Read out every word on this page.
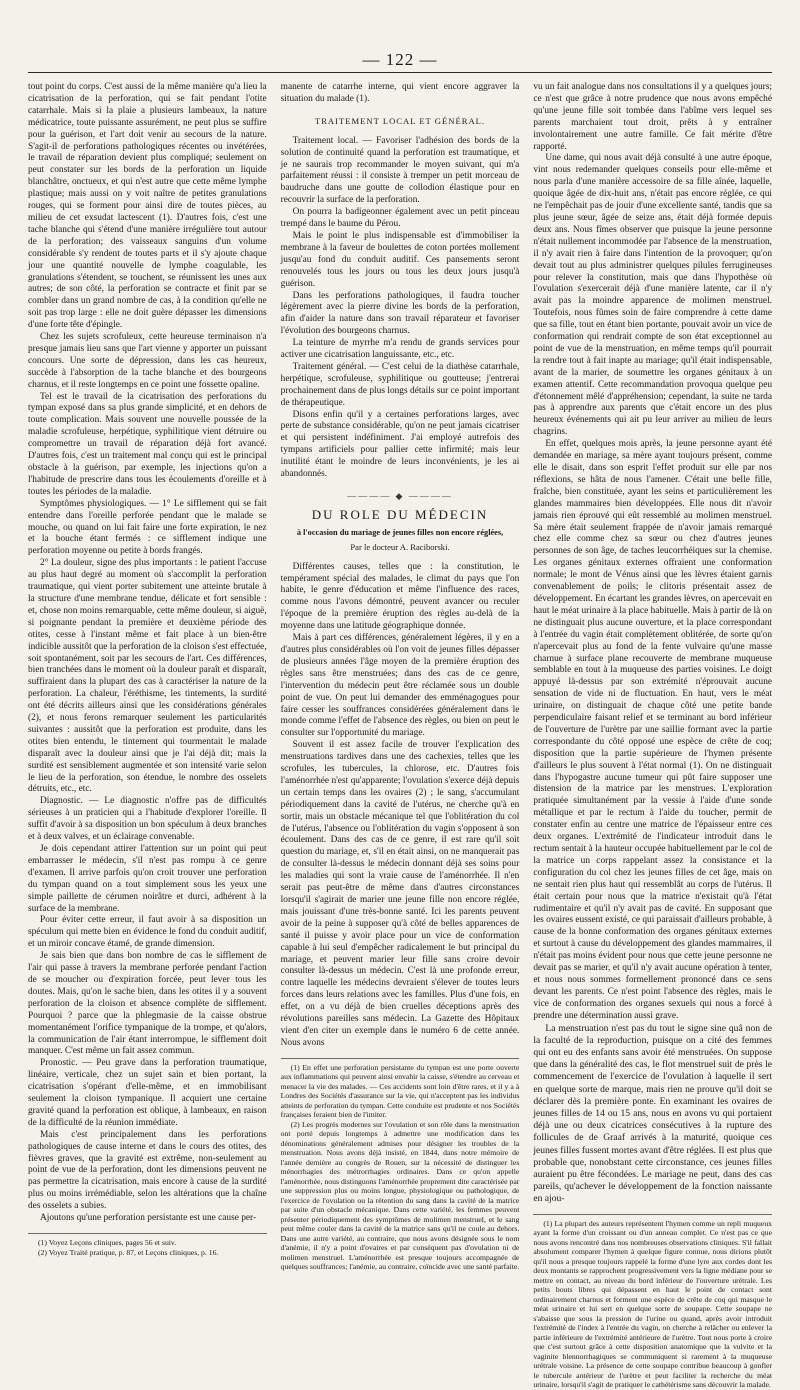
— 122 —

tout point du corps. C'est aussi de la même manière qu'a lieu la cicatrisation de la perforation, qui se fait pendant l'otite catarrhale. Mais si la plaie a plusieurs lambeaux, la nature médicatrice, toute puissante assurément, ne peut plus se suffire pour la guérison, et l'art doit venir au secours de la nature. S'agit-il de perforations pathologiques récentes ou invétérées, le travail de réparation devient plus compliqué; seulement on peut constater sur les bords de la perforation un liquide blanchâtre, onctueux, et qui n'est autre que cette même lymphe plastique; mais aussi on y voit naître de petites granulations rouges, qui se forment pour ainsi dire de toutes pièces, au milieu de cet exsudat lactescent (1). D'autres fois, c'est une tache blanche qui s'étend d'une manière irrégulière tout autour de la perforation; des vaisseaux sanguins d'un volume considérable s'y rendent de toutes parts et il s'y ajoute chaque jour une quantité nouvelle de lymphe coagulable, les granulations s'étendent, se touchent, se réunissent les unes aux autres; de son côté, la perforation se contracte et finit par se combler dans un grand nombre de cas, à la condition qu'elle ne soit pas trop large : elle ne doit guère dépasser les dimensions d'une forte tête d'épingle.

Chez les sujets scrofuleux, cette heureuse terminaison n'a presque jamais lieu sans que l'art vienne y apporter un puissant concours. Une sorte de dépression, dans les cas heureux, succède à l'absorption de la tache blanche et des bourgeons charnus, et il reste longtemps en ce point une fossette opaline.

Tel est le travail de la cicatrisation des perforations du tympan exposé dans sa plus grande simplicité, et en dehors de toute complication. Mais souvent une nouvelle poussée de la maladie scrofuleuse, herpétique, syphilitique vient détruire ou compromettre un travail de réparation déjà fort avancé. D'autres fois, c'est un traitement mal conçu qui est le principal obstacle à la guérison, par exemple, les injections qu'on a l'habitude de prescrire dans tous les écoulements d'oreille et à toutes les périodes de la maladie.

Symptômes physiologiques. — 1° Le sifflement qui se fait entendre dans l'oreille perforée pendant que le malade se mouche, ou quand on lui fait faire une forte expiration, le nez et la bouche étant fermés : ce sifflement indique une perforation moyenne ou petite à bords frangés.

2° La douleur, signe des plus importants : le patient l'accuse au plus haut degré au moment où s'accomplit la perforation traumatique, qui vient porter subitement une atteinte brutale à la structure d'une membrane tendue, délicate et fort sensible : et, chose non moins remarquable, cette même douleur, si aiguë, si poignante pendant la première et deuxième période des otites, cesse à l'instant même et fait place à un bien-être indicible aussitôt que la perforation de la cloison s'est effectuée, soit spontanément, soit par les secours de l'art. Ces différences, bien tranchées dans le moment où la douleur paraît et disparaît, suffiraient dans la plupart des cas à caractériser la nature de la perforation. La chaleur, l'éréthisme, les tintements, la surdité ont été décrits ailleurs ainsi que les considérations générales (2), et nous ferons remarquer seulement les particularités suivantes : aussitôt que la perforation est produite, dans les otites bien entendu, le tintement qui tourmentait le malade disparaît avec la douleur ainsi que je l'ai déjà dit; mais la surdité est sensiblement augmentée et son intensité varie selon le lieu de la perforation, son étendue, le nombre des osselets détruits, etc., etc.

Diagnostic. — Le diagnostic n'offre pas de difficultés sérieuses à un praticien qui a l'habitude d'explorer l'oreille. Il suffit d'avoir à sa disposition un bon spéculum à deux branches et à deux valves, et un éclairage convenable.

Je dois cependant attirer l'attention sur un point qui peut embarrasser le médecin, s'il n'est pas rompu à ce genre d'examen. Il arrive parfois qu'on croit trouver une perforation du tympan quand on a tout simplement sous les yeux une simple paillette de cérumen noirâtre et durci, adhérent à la surface de la membrane.

Pour éviter cette erreur, il faut avoir à sa disposition un spéculum qui mette bien en évidence le fond du conduit auditif, et un miroir concave étamé, de grande dimension.

Je sais bien que dans bon nombre de cas le sifflement de l'air qui passe à travers la membrane perforée pendant l'action de se moucher ou d'expiration forcée, peut lever tous les doutes. Mais, qu'on le sache bien, dans les otites il y a souvent perforation de la cloison et absence complète de sifflement. Pourquoi ? parce que la phlegmasie de la caisse obstrue momentanément l'orifice tympanique de la trompe, et qu'alors, la communication de l'air étant interrompue, le sifflement doit manquer. C'est même un fait assez commun.

Pronostic. — Peu grave dans la perforation traumatique, linéaire, verticale, chez un sujet sain et bien portant, la cicatrisation s'opérant d'elle-même, et en immobilisant seulement la cloison tympanique. Il acquiert une certaine gravité quand la perforation est oblique, à lambeaux, en raison de la difficulté de la réunion immédiate.

Mais c'est principalement dans les perforations pathologiques de cause interne et dans le cours des otites, des fièvres graves, que la gravité est extrême, non-seulement au point de vue de la perforation, dont les dimensions peuvent ne pas permettre la cicatrisation, mais encore à cause de la surdité plus ou moins irrémédiable, selon les altérations que la chaîne des osselets a subies.

Ajoutons qu'une perforation persistante est une cause per-

(1) Voyez Leçons cliniques, pages 56 et suiv.

(2) Voyez Traité pratique, p. 87, et Leçons cliniques, p. 16.

manente de catarrhe interne, qui vient encore aggraver la situation du malade (1).

TRAITEMENT LOCAL ET GÉNÉRAL.

Traitement local. — Favoriser l'adhésion des bords de la solution de continuité quand la perforation est traumatique, et je ne saurais trop recommander le moyen suivant, qui m'a parfaitement réussi : il consiste à tremper un petit morceau de baudruche dans une goutte de collodion élastique pour en recouvrir la surface de la perforation.

On pourra la badigeonner également avec un petit pinceau trempé dans le baume du Pérou.

Mais le point le plus indispensable est d'immobiliser la membrane à la faveur de boulettes de coton portées mollement jusqu'au fond du conduit auditif. Ces pansements seront renouvelés tous les jours ou tous les deux jours jusqu'à guérison.

Dans les perforations pathologiques, il faudra toucher légèrement avec la pierre divine les bords de la perforation, afin d'aider la nature dans son travail réparateur et favoriser l'évolution des bourgeons charnus.

La teinture de myrrhe m'a rendu de grands services pour activer une cicatrisation languissante, etc., etc.

Traitement général. — C'est celui de la diathèse catarrhale, herpétique, scrofuleuse, syphilitique ou goutteuse; j'entrerai prochainement dans de plus longs détails sur ce point important de thérapeutique.

Disons enfin qu'il y a certaines perforations larges, avec perte de substance considérable, qu'on ne peut jamais cicatriser et qui persistent indéfiniment. J'ai employé autrefois des tympans artificiels pour pallier cette infirmité; mais leur inutilité étant le moindre de leurs inconvénients, je les ai abandonnés.

———— ◆ ————
DU ROLE DU MÉDECIN
à l'occasion du mariage de jeunes filles non encore réglées,
Par le docteur A. Raciborski.

Différentes causes, telles que : la constitution, le tempérament spécial des malades, le climat du pays que l'on habite, le genre d'éducation et même l'influence des races, comme nous l'avons démontré, peuvent avancer ou reculer l'époque de la première éruption des règles au-delà de la moyenne dans une latitude géographique donnée.

Mais à part ces différences, généralement légères, il y en a d'autres plus considérables où l'on voit de jeunes filles dépasser de plusieurs années l'âge moyen de la première éruption des règles sans être menstruées; dans des cas de ce genre, l'intervention du médecin peut être réclamée sous un double point de vue. On peut lui demander des emménagogues pour faire cesser les souffrances considérées généralement dans le monde comme l'effet de l'absence des règles, ou bien on peut le consulter sur l'opportunité du mariage.

Souvent il est assez facile de trouver l'explication des menstruations tardives dans une des cachexies, telles que les scrofules, les tubercules, la chlorose, etc. D'autres fois l'aménorrhée n'est qu'apparente; l'ovulation s'exerce déjà depuis un certain temps dans les ovaires (2) ; le sang, s'accumulant périodiquement dans la cavité de l'utérus, ne cherche qu'à en sortir, mais un obstacle mécanique tel que l'oblitération du col de l'utérus, l'absence ou l'oblitération du vagin s'opposent à son écoulement. Dans des cas de ce genre, il est rare qu'il soit question du mariage, et, s'il en était ainsi, on ne manquerait pas de consulter là-dessus le médecin donnant déjà ses soins pour les maladies qui sont la vraie cause de l'aménorrhée. Il n'en serait pas peut-être de même dans d'autres circonstances lorsqu'il s'agirait de marier une jeune fille non encore réglée, mais jouissant d'une très-bonne santé. Ici les parents peuvent avoir de la peine à supposer qu'à côté de belles apparences de santé il puisse y avoir place pour un vice de conformation capable à lui seul d'empêcher radicalement le but principal du mariage, et peuvent marier leur fille sans croire devoir consulter là-dessus un médecin. C'est là une profonde erreur, contre laquelle les médecins devraient s'élever de toutes leurs forces dans leurs relations avec les familles. Plus d'une fois, en effet, on a vu déjà de bien cruelles déceptions après des révolutions pareilles sans médecin. La Gazette des Hôpitaux vient d'en citer un exemple dans le numéro 6 de cette année. Nous avons

(1) En effet une perforation persistante du tympan est une porte ouverte aux inflammations qui peuvent ainsi envahir la caisse, s'étendre au cerveau et menacer la vie des malades. — Ces accidents sont loin d'être rares, et il y a à Londres des Sociétés d'assurance sur la vie, qui n'acceptent pas les individus atteints de perforation du tympan. Cette conduite est prudente et nos Sociétés françaises feraient bien de l'imiter.

(2) Les progrès modernes sur l'ovulation et son rôle dans la menstruation ont porté depuis longtemps à admettre une modification dans les dénominations généralement admises pour désigner les troubles de la menstruation. Nous avons déjà insisté, en 1844, dans notre mémoire de l'année dernière au congrès de Rouen, sur la nécessité de distinguer les ménorrhagies des métrorrhagies ordinaires. Dans ce qu'on appelle l'aménorrhée, nous distinguons l'aménorrhée proprement dite caractérisée par une suppression plus ou moins longue, physiologique ou pathologique, de l'exercice de l'ovulation ou la rétention du sang dans la cavité de la matrice par suite d'un obstacle mécanique. Dans cette variété, les femmes peuvent présenter périodiquement des symptômes de molimen menstruel, et le sang peut même couler dans la cavité de la matrice sans qu'il ne coule au dehors. Dans une autre variété, au contraire, que nous avons désignée sous le nom d'anémie, il n'y a point d'ovaires et par conséquent pas d'ovulation ni de molimen menstruel. L'aménorrhée est presque toujours accompagnée de quelques souffrances; l'anémie, au contraire, coïncide avec une santé parfaite.

vu un fait analogue dans nos consultations il y a quelques jours; ce n'est que grâce à notre prudence que nous avons empêché qu'une jeune fille soit tombée dans l'abîme vers lequel ses parents marchaient tout droit, prêts à y entraîner involontairement une autre famille. Ce fait mérite d'être rapporté.

Une dame, qui nous avait déjà consulté à une autre époque, vint nous redemander quelques conseils pour elle-même et nous parla d'une manière accessoire de sa fille aînée, laquelle, quoique âgée de dix-huit ans, n'était pas encore réglée, ce qui ne l'empêchait pas de jouir d'une excellente santé, tandis que sa plus jeune sœur, âgée de seize ans, était déjà formée depuis deux ans. Nous fîmes observer que puisque la jeune personne n'était nullement incommodée par l'absence de la menstruation, il n'y avait rien à faire dans l'intention de la provoquer; qu'on devait tout au plus administrer quelques pilules ferrugineuses pour relever la constitution, mais que dans l'hypothèse où l'ovulation s'exercerait déjà d'une manière latente, car il n'y avait pas la moindre apparence de molimen menstruel. Toutefois, nous fûmes soin de faire comprendre à cette dame que sa fille, tout en étant bien portante, pouvait avoir un vice de conformation qui rendrait compte de son état exceptionnel au point de vue de la menstruation, en même temps qu'il pourrait la rendre tout à fait inapte au mariage; qu'il était indispensable, avant de la marier, de soumettre les organes génitaux à un examen attentif. Cette recommandation provoqua quelque peu d'étonnement mêlé d'appréhension; cependant, la suite ne tarda pas à apprendre aux parents que c'était encore un des plus heureux événements qui ait pu leur arriver au milieu de leurs chagrins.

En effet, quelques mois après, la jeune personne ayant été demandée en mariage, sa mère ayant toujours présent, comme elle le disait, dans son esprit l'effet produit sur elle par nos réflexions, se hâta de nous l'amener. C'était une belle fille, fraîche, bien constituée, ayant les seins et particulièrement les glandes mammaires bien développées. Elle nous dit n'avoir jamais rien éprouvé qui eût ressemblé au molimen menstruel. Sa mère était seulement frappée de n'avoir jamais remarqué chez elle comme chez sa sœur ou chez d'autres jeunes personnes de son âge, de taches leucorrhéiques sur la chemise. Les organes génitaux externes offraient une conformation normale; le mont de Vénus ainsi que les lèvres étaient garnis convenablement de poils; le clitoris présentait assez de développement. En écartant les grandes lèvres, on apercevait en haut le méat urinaire à la place habituelle. Mais à partir de là on ne distinguait plus aucune ouverture, et la place correspondant à l'entrée du vagin était complètement oblitérée, de sorte qu'on n'apercevait plus au fond de la fente vulvaire qu'une masse charnue à surface plane recouverte de membrane muqueuse semblable en tout à la muqueuse des parties voisines. Le doigt appuyé là-dessus par son extrémité n'éprouvait aucune sensation de vide ni de fluctuation. En haut, vers le méat urinaire, on distinguait de chaque côté une petite bande perpendiculaire faisant relief et se terminant au bord inférieur de l'ouverture de l'urètre par une saillie formant avec la partie correspondante du côté opposé une espèce de crête de coq; disposition que la partie supérieure de l'hymen présente d'ailleurs le plus souvent à l'état normal (1). On ne distinguait dans l'hypogastre aucune tumeur qui pût faire supposer une distension de la matrice par les menstrues. L'exploration pratiquée simultanément par la vessie à l'aide d'une sonde métallique et par le rectum à l'aide du toucher, permit de constater enfin au centre une matrice de l'épaisseur entre ces deux organes. L'extrémité de l'indicateur introduit dans le rectum sentait à la hauteur occupée habituellement par le col de la matrice un corps rappelant assez la consistance et la configuration du col chez les jeunes filles de cet âge, mais on ne sentait rien plus haut qui ressemblât au corps de l'utérus. Il était certain pour nous que la matrice n'existait qu'à l'état rudimentaire et qu'il n'y avait pas de cavité. En supposant que les ovaires eussent existé, ce qui paraissait d'ailleurs probable, à cause de la bonne conformation des organes génitaux externes et surtout à cause du développement des glandes mammaires, il n'était pas moins évident pour nous que cette jeune personne ne devait pas se marier, et qu'il n'y avait aucune opération à tenter, et nous nous sommes formellement prononcé dans ce sens devant les parents. Ce n'est point l'absence des règles, mais le vice de conformation des organes sexuels qui nous a forcé à prendre une détermination aussi grave.

La menstruation n'est pas du tout le signe sine quâ non de la faculté de la reproduction, puisque on a cité des femmes qui ont eu des enfants sans avoir été menstruées. On suppose que dans la généralité des cas, le flot menstruel suit de près le commencement de l'exercice de l'ovulation à laquelle il sert en quelque sorte de marque, mais rien ne prouve qu'il doit se déclarer dès la première ponte. En examinant les ovaires de jeunes filles de 14 ou 15 ans, nous en avons vu qui portaient déjà une ou deux cicatrices consécutives à la rupture des follicules de de Graaf arrivés à la maturité, quoique ces jeunes filles fussent mortes avant d'être réglées. Il est plus que probable que, nonobstant cette circonstance, ces jeunes filles auraient pu être fécondées. Le mariage ne peut, dans des cas pareils, qu'achever le développement de la fonction naissante en ajou-

(1) La plupart des auteurs représentent l'hymen comme un repli muqueux ayant la forme d'un croissant ou d'un anneau complet. Ce n'est pas ce que nous avons rencontré dans nos nombreuses observations cliniques. S'il fallait absolument comparer l'hymen à quelque figure connue, nous dirions plutôt qu'il nous a presque toujours rappelé la forme d'une lyre aux cordes dont les deux montants se rapprochent progressivement vers la ligne médiane pour se mettre en contact, au niveau du bord inférieur de l'ouverture urétrale. Les petits bouts libres qui dépassent en haut le point de contact sont ordinairement charnus et forment une espèce de crête de coq qui masque le méat urinaire et lui sert en quelque sorte de soupape. Cette soupape ne s'abaisse que sous la pression de l'urine ou quand, après avoir introduit l'extrémité de l'index à l'entrée du vagin, on cherche à relâcher ou enlever la partie inférieure de l'extrémité antérieure de l'urètre. Tout nous porte à croire que c'est surtout grâce à cette disposition anatomique que la vulvite et la vaginite blennorrhagiques se communiquent si rarement à la muqueuse urétrale voisine. La présence de cette soupape contribue beaucoup à gonfler le tubercule antérieur de l'urètre et peut faciliter la recherche du méat urinaire, lorsqu'il s'agit de pratiquer le cathétérisme sans découvrir la malade.
